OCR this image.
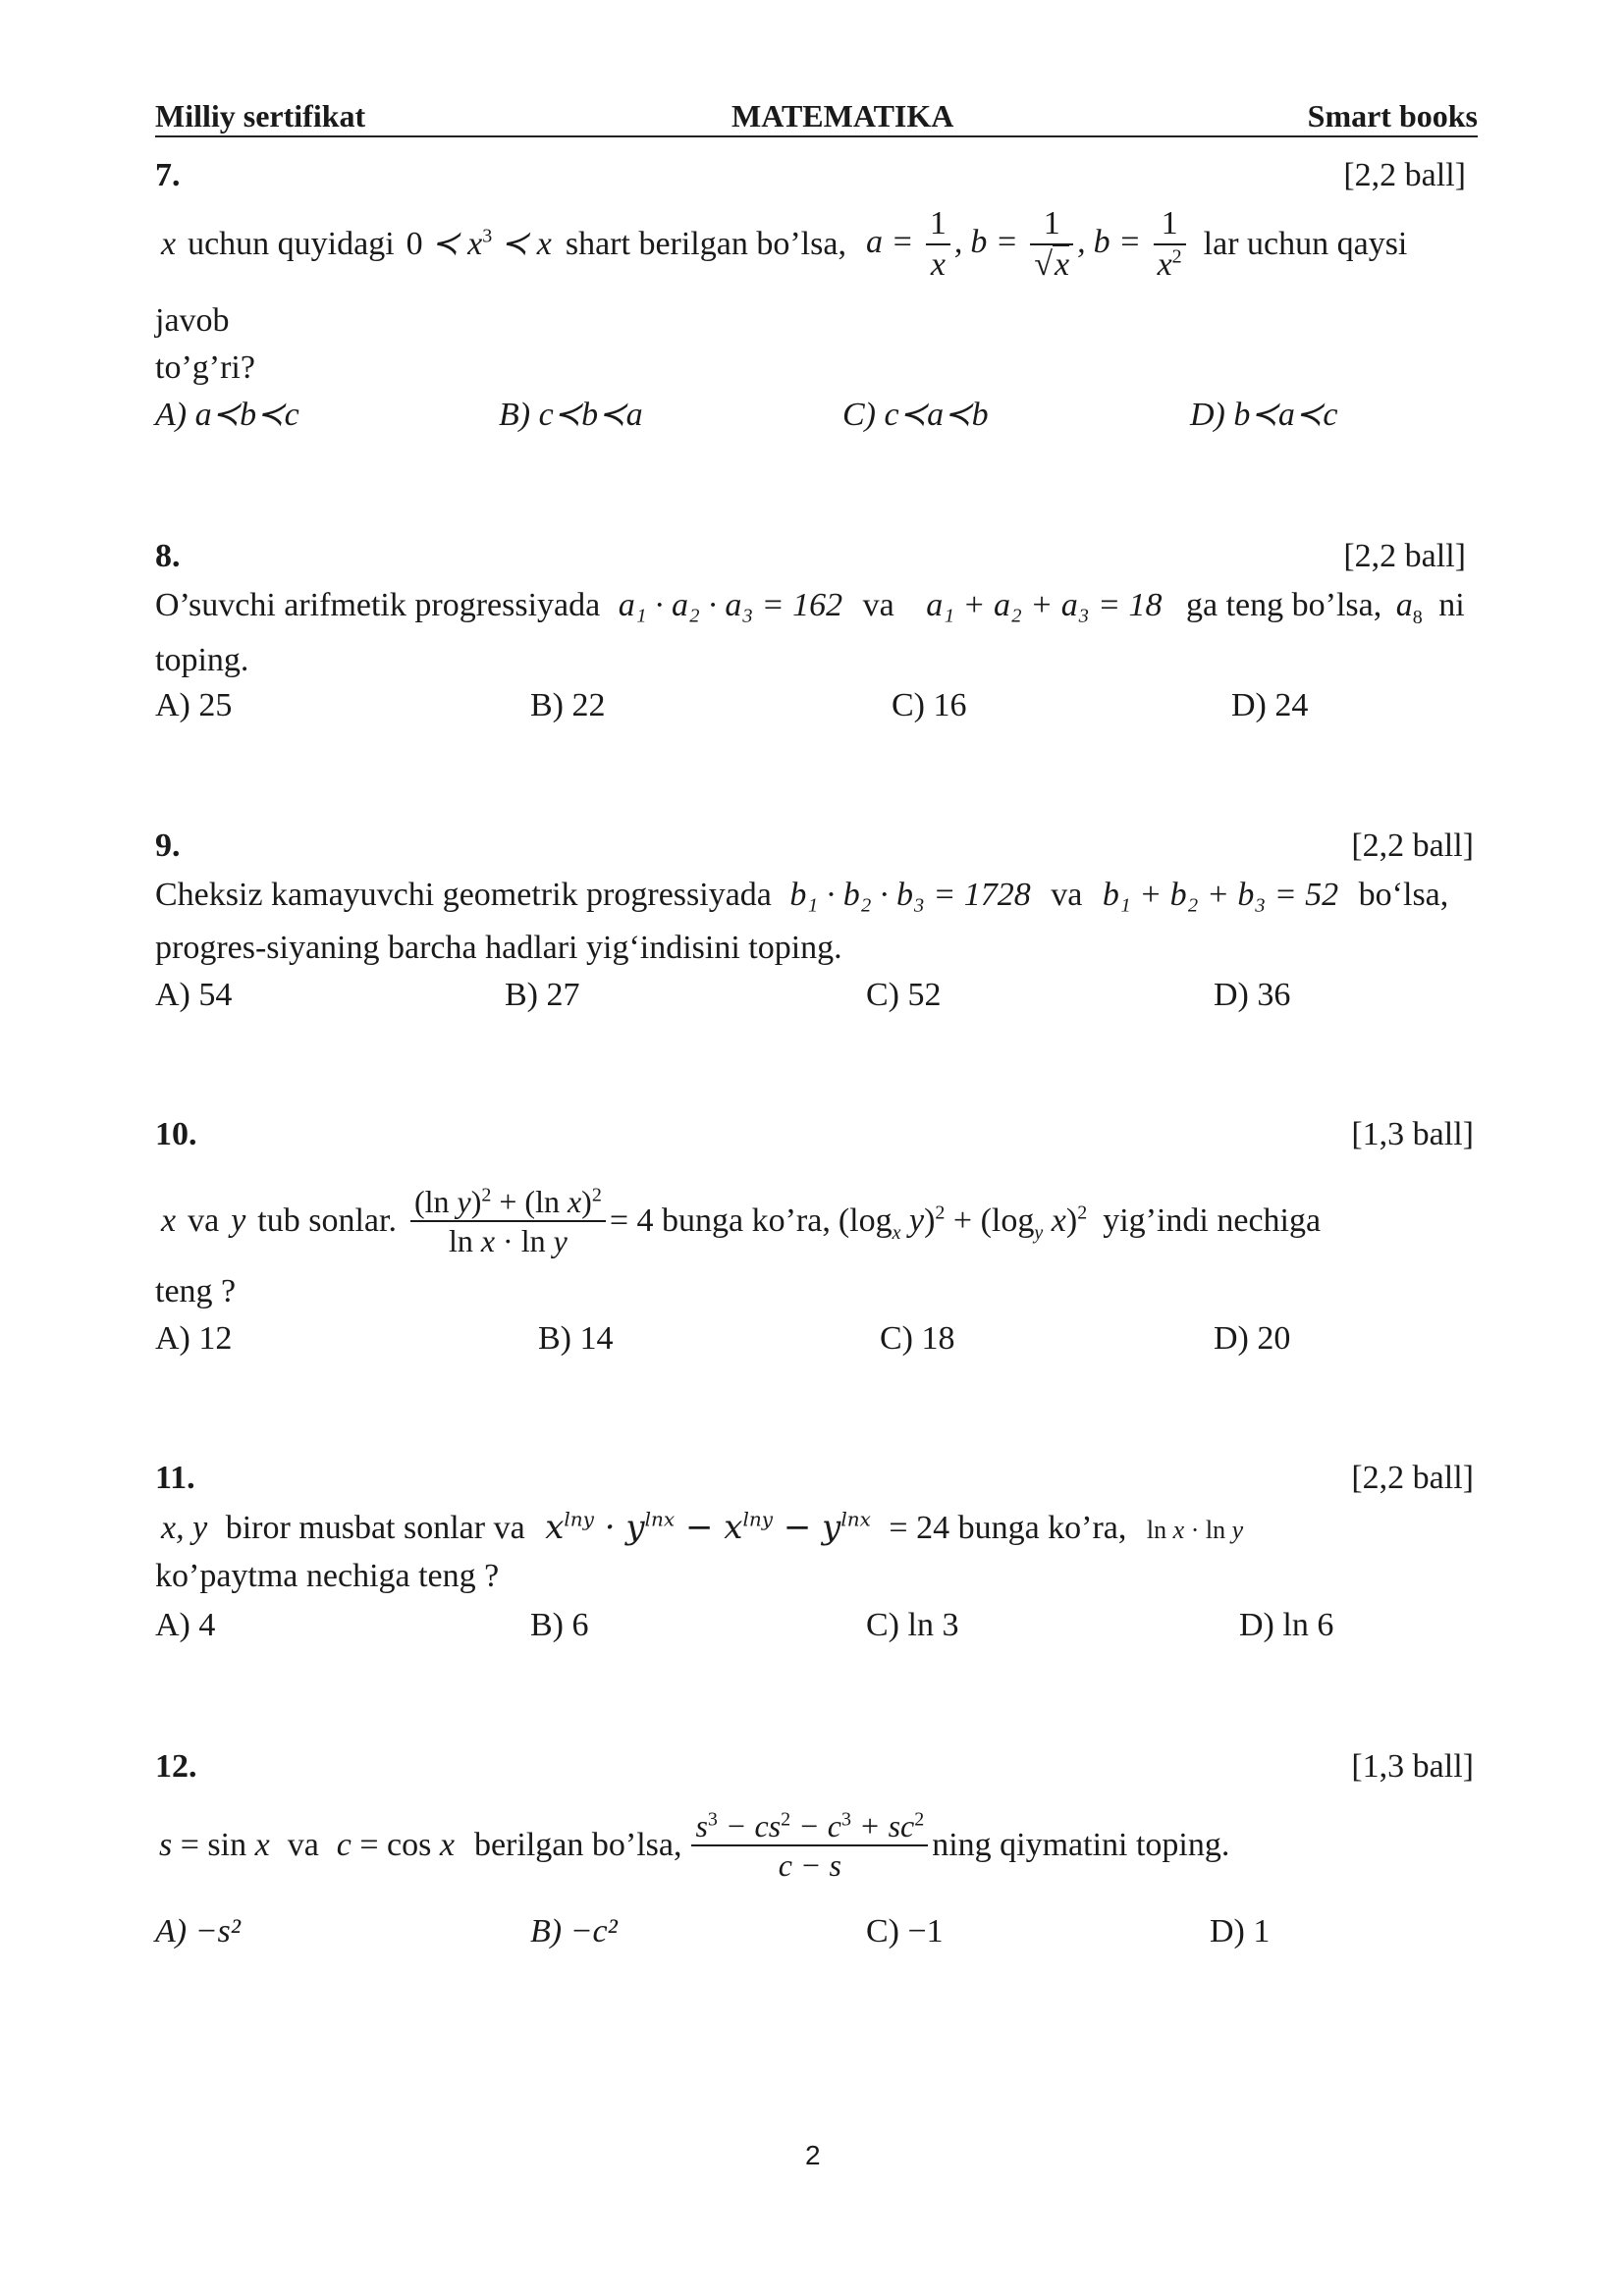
Milliy sertifikat	MATEMATIKA	Smart books
7.	[2,2 ball]
x uchun quyidagi 0 ≺ $x^3$ ≺ x shart berilgan bo’lsa, $a = \frac{1}{x}$ , $b = \frac{1}{√x}$ , $b = \frac{1}{x^2}$ lar uchun qaysi
javob
to’g’ri?
A) a≺b≺c	B) c≺b≺a	C) c≺a≺b	D) b≺a≺c
8.	[2,2 ball]
O’suvchi arifmetik progressiyada a₁ · a₂ · a₃ = 162 va a₁ + a₂ + a₃ = 18 ga teng bo’lsa, $a_8$ ni
toping.
A) 25	B) 22	C) 16	D) 24
9.	[2,2 ball]
Cheksiz kamayuvchi geometrik progressiyada b₁ · b₂ · b₃ = 1728 va b₁ + b₂ + b₃ = 52 bo‘lsa,
progres-siyaning barcha hadlari yig‘indisini toping.
A) 54	B) 27	C) 52	D) 36
10.	[1,3 ball]
x va y tub sonlar. $\frac{(\ln y)^2 + (\ln x)^2}{\text{ln x · ln y}} = 4$ bunga ko’ra, ($\log_x$ $y)^2 + (\log_y$ x)$^2$ yig’indi nechiga
teng ?
A) 12	B) 14	C) 18	D) 20
11.	[2,2 ball]
x, y biror musbat sonlar va $x^{lny} \cdot y^{lnx} - x^{lny} - y^{lnx} = 24$ bunga ko’ra, ln x · ln y
ko’paytma nechiga teng ?
A) 4	B) 6	C) ln 3	D) ln 6
12.	[1,3 ball]
s = sin x va c = cos x berilgan bo’lsa, $\frac{s^3 - cs^2 - c^3 + sc^2}{c - s}$ ning qiymatini toping.
A) −s²	B) −c²	C) −1	D) 1
2
